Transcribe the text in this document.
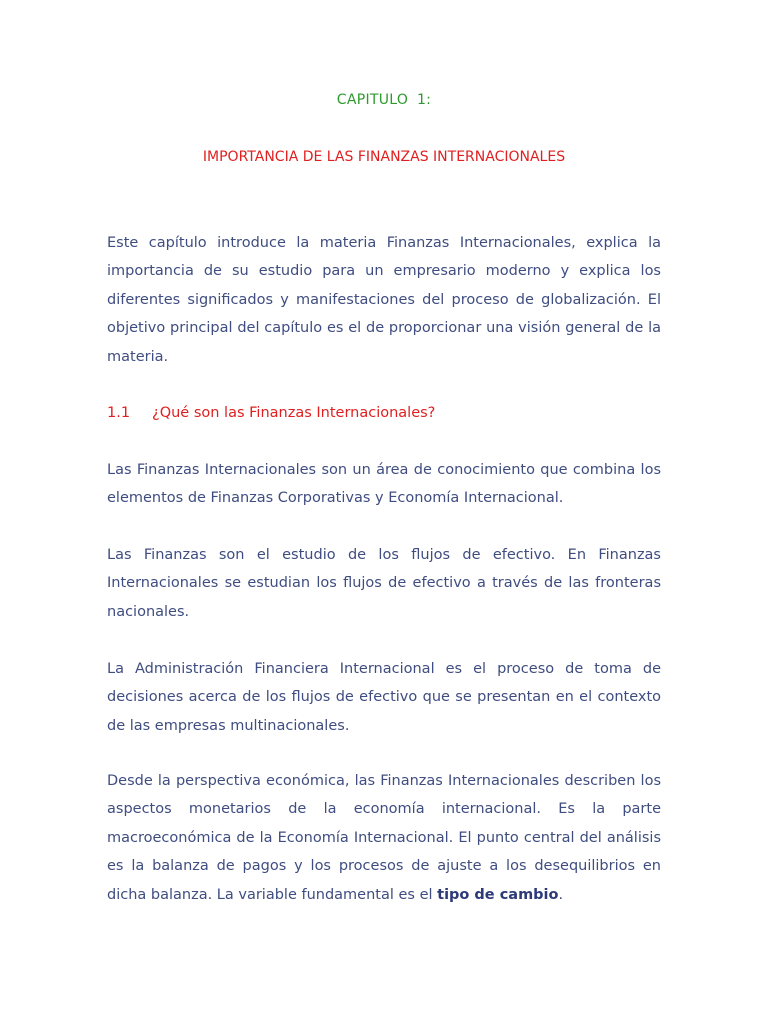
CAPITULO 1:
IMPORTANCIA DE LAS FINANZAS INTERNACIONALES

Este capítulo introduce la materia Finanzas Internacionales, explica la importancia de su estudio para un empresario moderno y explica los diferentes significados y manifestaciones del proceso de globalización. El objetivo principal del capítulo es el de proporcionar una visión general de la materia.

1.1 ¿Qué son las Finanzas Internacionales?

Las Finanzas Internacionales son un área de conocimiento que combina los elementos de Finanzas Corporativas y Economía Internacional.

Las Finanzas son el estudio de los flujos de efectivo. En Finanzas Internacionales se estudian los flujos de efectivo a través de las fronteras nacionales.

La Administración Financiera Internacional es el proceso de toma de decisiones acerca de los flujos de efectivo que se presentan en el contexto de las empresas multinacionales.

Desde la perspectiva económica, las Finanzas Internacionales describen los aspectos monetarios de la economía internacional. Es la parte macroeconómica de la Economía Internacional. El punto central del análisis es la balanza de pagos y los procesos de ajuste a los desequilibrios en dicha balanza. La variable fundamental es el tipo de cambio.
